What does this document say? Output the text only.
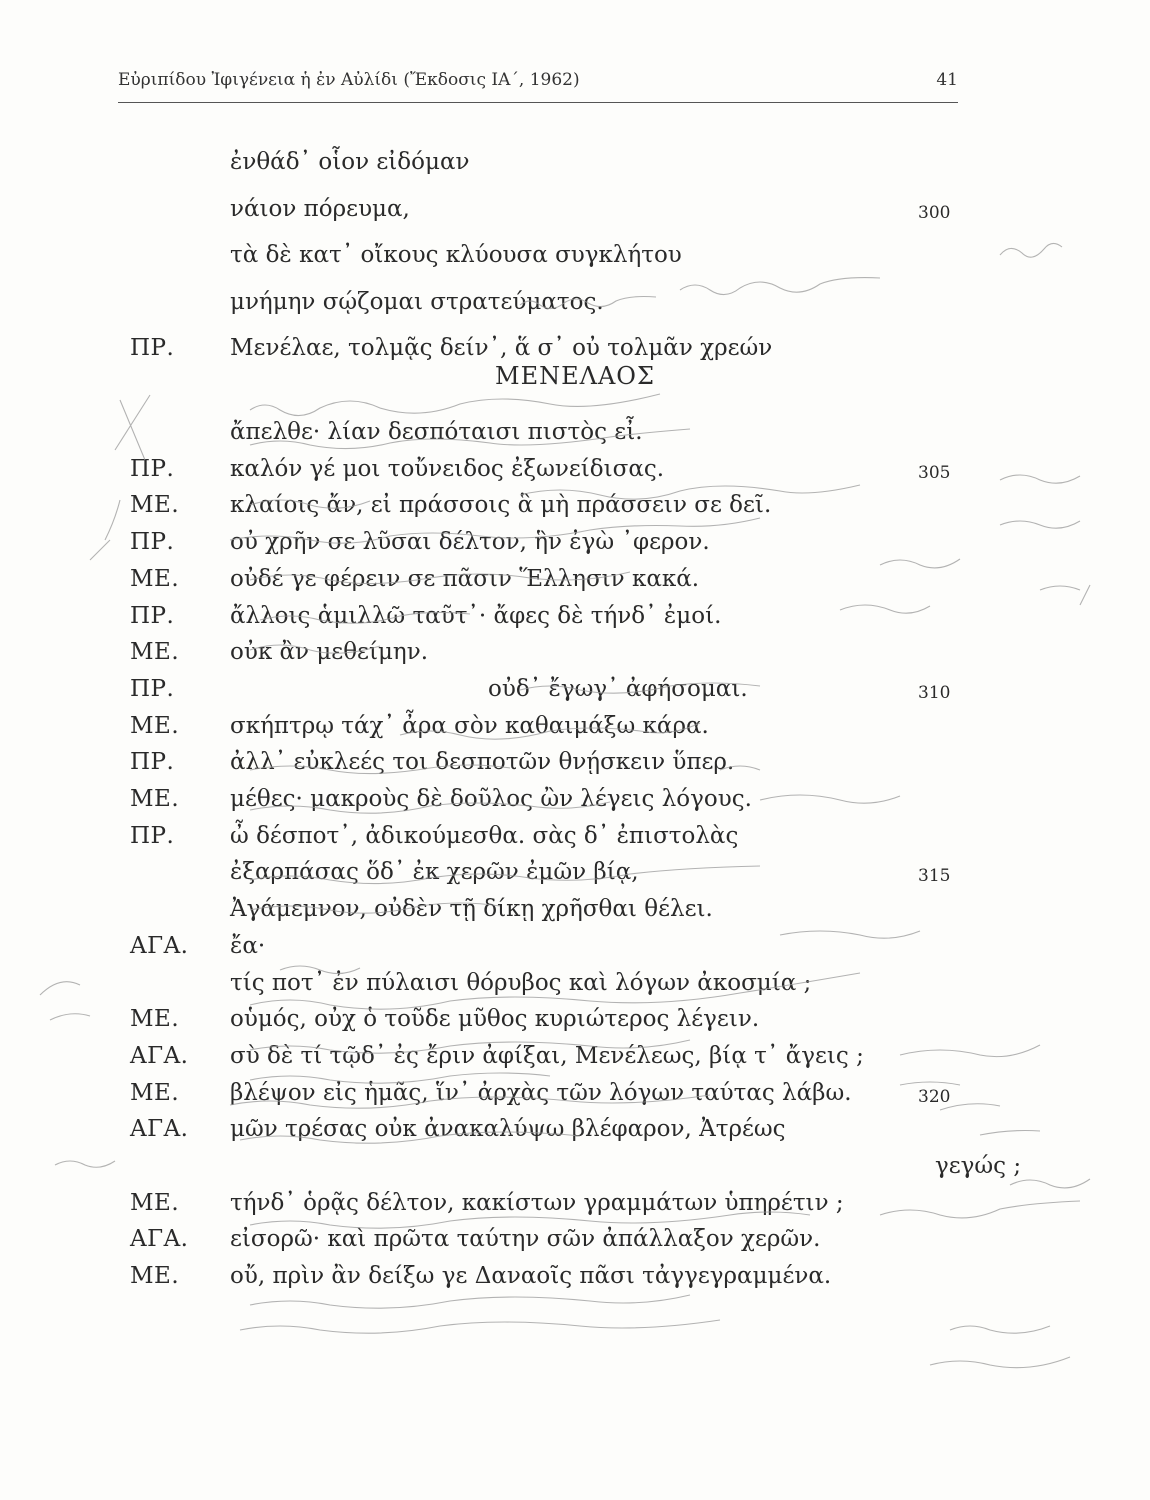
Εὐριπίδου Ἰφιγένεια ἡ ἐν Αὐλίδι (Ἔκδοσις ΙΑ΄, 1962)	41
ἐνθάδ᾽ οἷον εἰδόμαν
νάιον πόρευμα,	300
τὰ δὲ κατ᾽ οἴκους κλύουσα συγκλήτου
μνήμην σῴζομαι στρατεύματος.
ΠΡ. Μενέλαε, τολμᾷς δείν᾽, ἅ σ᾽ οὐ τολμᾶν χρεών
ΜΕΝΕΛΑΟΣ
ἄπελθε· λίαν δεσπόταισι πιστὸς εἶ.
ΠΡ. καλόν γέ μοι τοὔνειδος ἐξωνείδισας.	305
ΜΕ. κλαίοις ἄν, εἰ πράσσοις ἃ μὴ πράσσειν σε δεῖ.
ΠΡ. οὐ χρῆν σε λῦσαι δέλτον, ἣν ἐγὼ ᾽φερον.
ΜΕ. οὐδέ γε φέρειν σε πᾶσιν Ἕλλησιν κακά.
ΠΡ. ἄλλοις ἁμιλλῶ ταῦτ᾽· ἄφες δὲ τήνδ᾽ ἐμοί.
ΜΕ. οὐκ ἂν μεθείμην.
ΠΡ.	οὐδ᾽ ἔγωγ᾽ ἀφήσομαι.	310
ΜΕ. σκήπτρῳ τάχ᾽ ἆρα σὸν καθαιμάξω κάρα.
ΠΡ. ἀλλ᾽ εὐκλεές τοι δεσποτῶν θνῄσκειν ὕπερ.
ΜΕ. μέθες· μακροὺς δὲ δοῦλος ὢν λέγεις λόγους.
ΠΡ. ὦ δέσποτ᾽, ἀδικούμεσθα. σὰς δ᾽ ἐπιστολὰς
ἐξαρπάσας ὅδ᾽ ἐκ χερῶν ἐμῶν βίᾳ,	315
Ἀγάμεμνον, οὐδὲν τῇ δίκῃ χρῆσθαι θέλει.
ΑΓΑ. ἔα·
τίς ποτ᾽ ἐν πύλαισι θόρυβος καὶ λόγων ἀκοσμία ;
ΜΕ. οὑμός, οὐχ ὁ τοῦδε μῦθος κυριώτερος λέγειν.
ΑΓΑ. σὺ δὲ τί τῷδ᾽ ἐς ἔριν ἀφίξαι, Μενέλεως, βίᾳ τ᾽ ἄγεις ;
ΜΕ. βλέψον εἰς ἡμᾶς, ἵν᾽ ἀρχὰς τῶν λόγων ταύτας λάβω.	320
ΑΓΑ. μῶν τρέσας οὐκ ἀνακαλύψω βλέφαρον, Ἀτρέως
γεγώς ;
ΜΕ. τήνδ᾽ ὁρᾷς δέλτον, κακίστων γραμμάτων ὑπηρέτιν ;
ΑΓΑ. εἰσορῶ· καὶ πρῶτα ταύτην σῶν ἀπάλλαξον χερῶν.
ΜΕ. οὔ, πρὶν ἂν δείξω γε Δαναοῖς πᾶσι τἀγγεγραμμένα.
